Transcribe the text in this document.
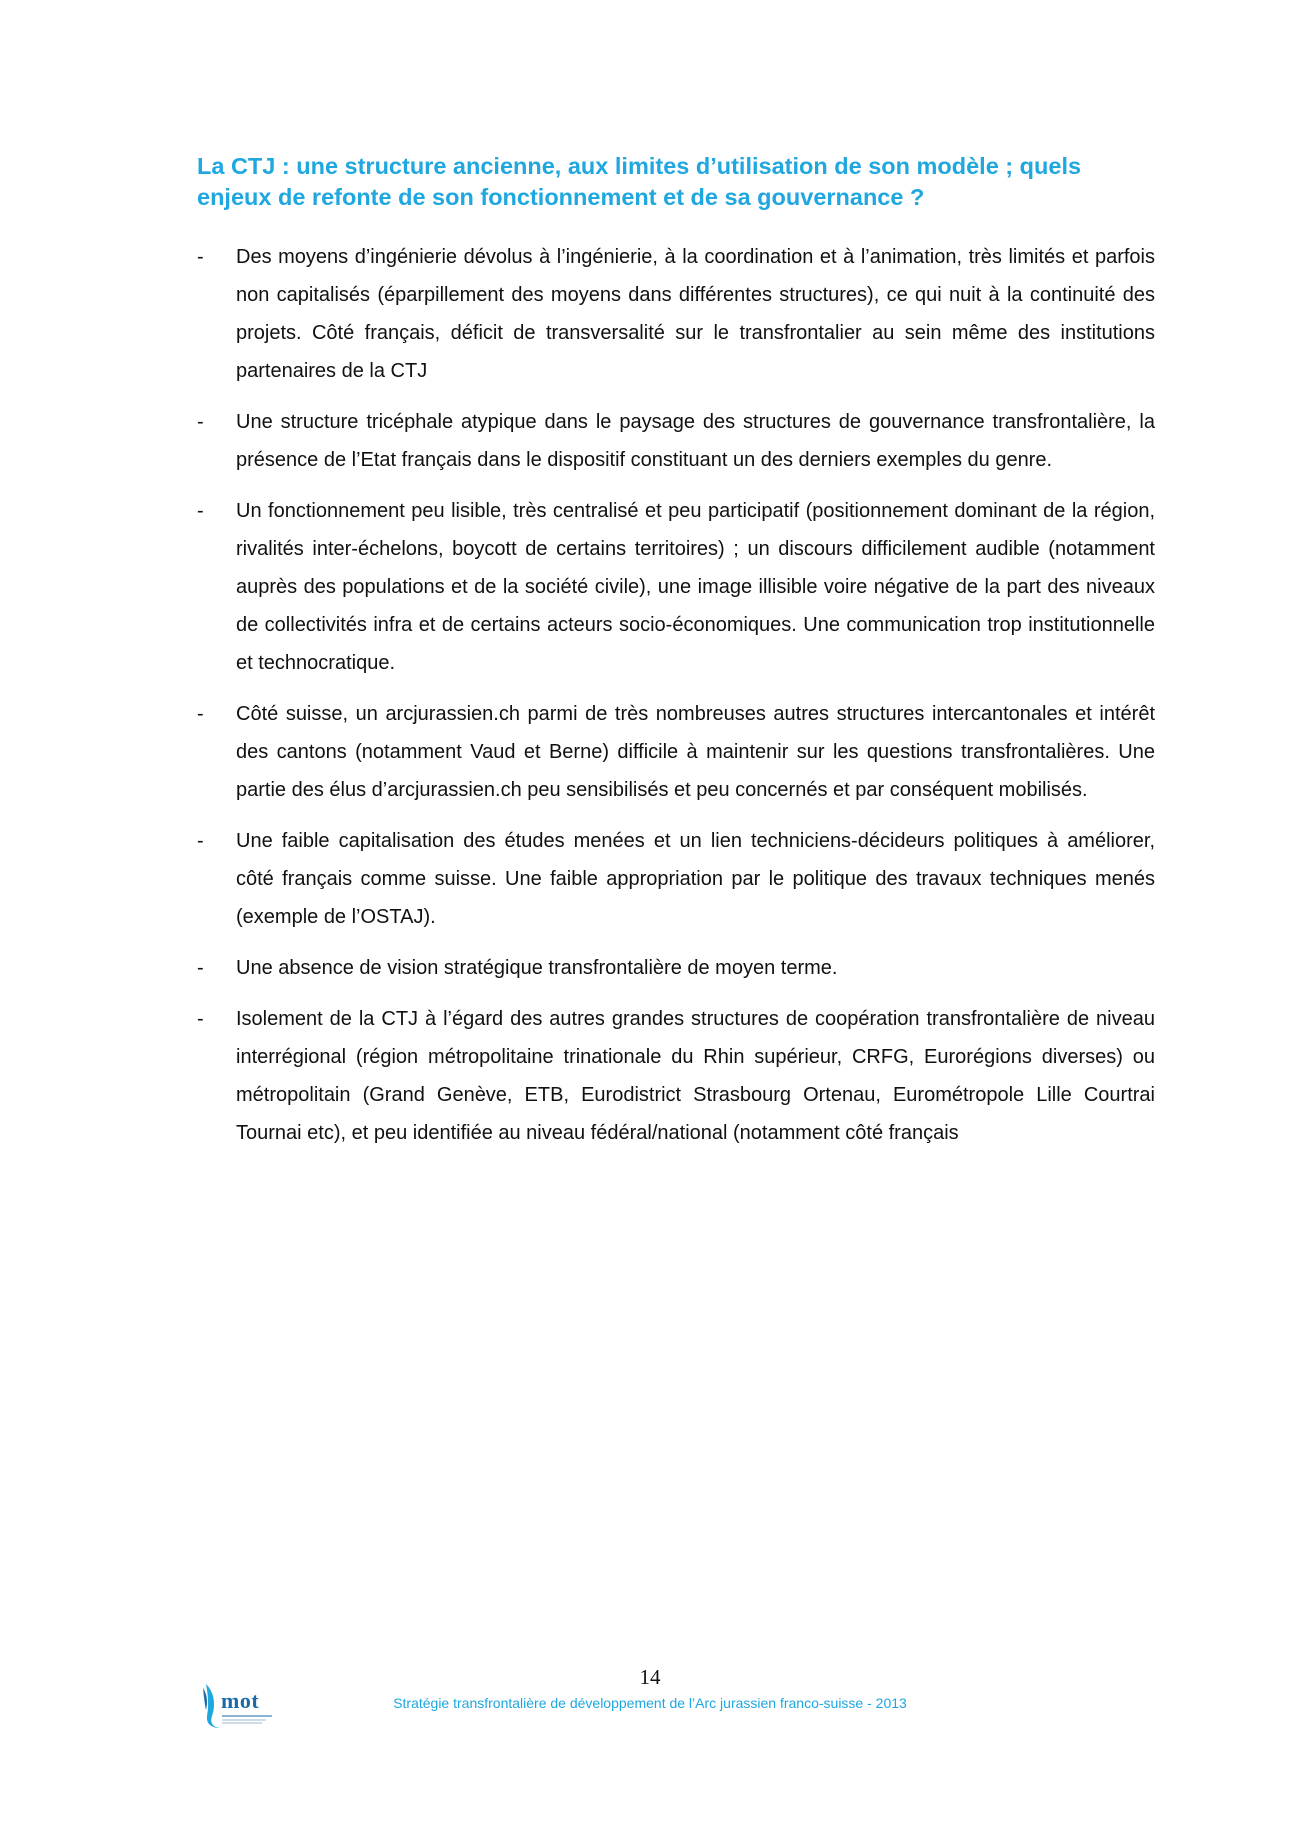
La CTJ : une structure ancienne, aux limites d’utilisation de son modèle ; quels enjeux de refonte de son fonctionnement et de sa gouvernance ?
-	Des moyens d’ingénierie dévolus à l’ingénierie, à la coordination et à l’animation, très limités et parfois non capitalisés (éparpillement des moyens dans différentes structures), ce qui nuit à la continuité des projets. Côté français, déficit de transversalité sur le transfrontalier au sein même des institutions partenaires de la CTJ
-	Une structure tricéphale atypique dans le paysage des structures de gouvernance transfrontalière, la présence de l’Etat français dans le dispositif constituant un des derniers exemples du genre.
-	Un fonctionnement peu lisible, très centralisé et peu participatif (positionnement dominant de la région, rivalités inter-échelons, boycott de certains territoires) ; un discours difficilement audible (notamment auprès des populations et de la société civile), une image illisible voire négative de la part des niveaux de collectivités infra et de certains acteurs socio-économiques. Une communication trop institutionnelle et technocratique.
-	Côté suisse, un arcjurassien.ch parmi de très nombreuses autres structures intercantonales et intérêt des cantons (notamment Vaud et Berne) difficile à maintenir sur les questions transfrontalières. Une partie des élus d’arcjurassien.ch peu sensibilisés et peu concernés et par conséquent mobilisés.
-	Une faible capitalisation des études menées et un lien techniciens-décideurs politiques à améliorer, côté français comme suisse. Une faible appropriation par le politique des travaux techniques menés (exemple de l’OSTAJ).
-	Une absence de vision stratégique transfrontalière de moyen terme.
-	Isolement de la CTJ à l’égard des autres grandes structures de coopération transfrontalière de niveau interrégional (région métropolitaine trinationale du Rhin supérieur, CRFG, Eurorégions diverses) ou métropolitain (Grand Genève, ETB, Eurodistrict Strasbourg Ortenau, Eurométropole Lille Courtrai Tournai etc), et peu identifiée au niveau fédéral/national (notamment côté français
mot
14
Stratégie transfrontalière de développement de l’Arc jurassien franco-suisse - 2013
